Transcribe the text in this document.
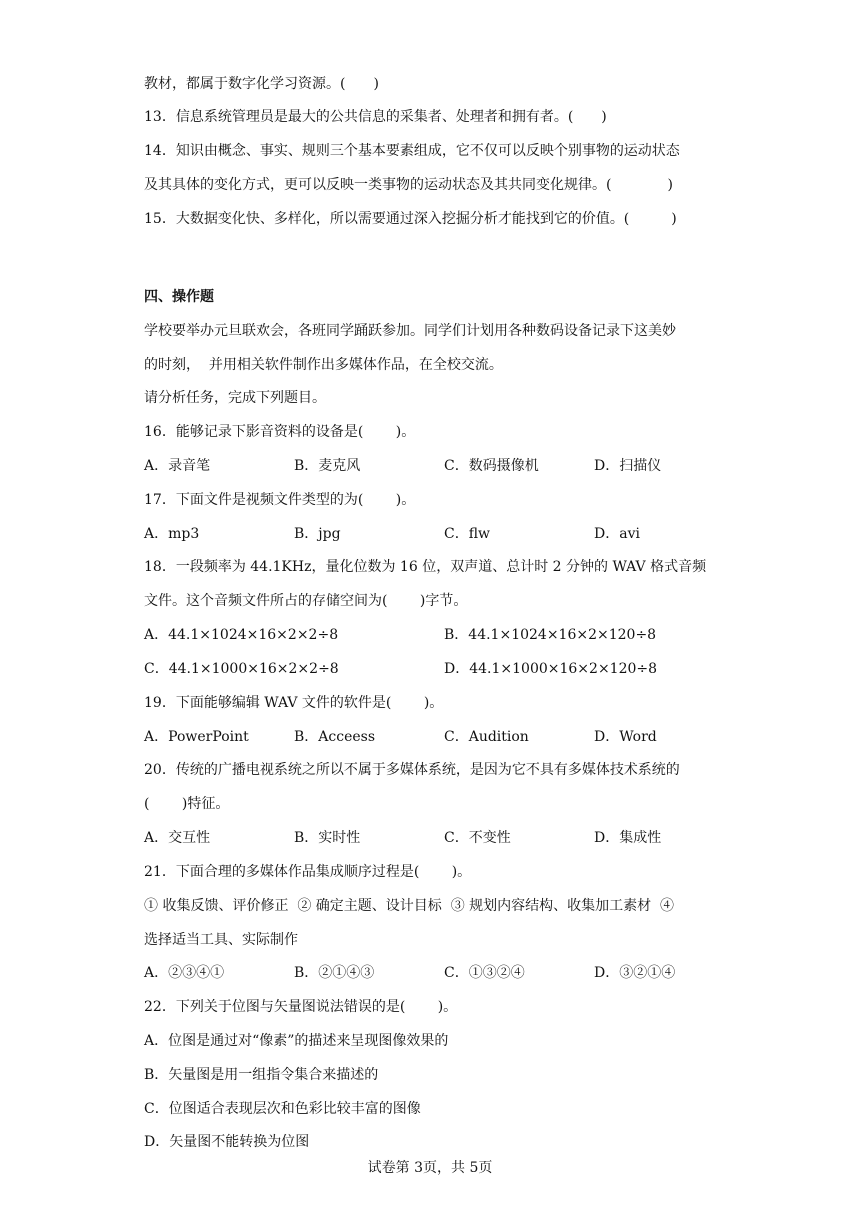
教材，都属于数字化学习资源。(　　)
13．信息系统管理员是最大的公共信息的采集者、处理者和拥有者。(　　)
14．知识由概念、事实、规则三个基本要素组成，它不仅可以反映个别事物的运动状态
及其具体的变化方式，更可以反映一类事物的运动状态及其共同变化规律。(　　　　)
15．大数据变化快、多样化，所以需要通过深入挖掘分析才能找到它的价值。(　　　)
四、操作题
学校要举办元旦联欢会，各班同学踊跃参加。同学们计划用各种数码设备记录下这美妙
的时刻，  并用相关软件制作出多媒体作品，在全校交流。
请分析任务，完成下列题目。
16．能够记录下影音资料的设备是(　　 )。
A．录音笔	B．麦克风	C．数码摄像机	D．扫描仪
17．下面文件是视频文件类型的为(　　 )。
A．mp3	B．jpg	C．flw	D．avi
18．一段频率为 44.1KHz，量化位数为 16 位，双声道、总计时 2 分钟的 WAV 格式音频
文件。这个音频文件所占的存储空间为(　　 )字节。
A．44.1×1024×16×2×2÷8	B．44.1×1024×16×2×120÷8
C．44.1×1000×16×2×2÷8	D．44.1×1000×16×2×120÷8
19．下面能够编辑 WAV 文件的软件是(　　 )。
A．PowerPoint	B．Acceess	C．Audition	D．Word
20．传统的广播电视系统之所以不属于多媒体系统，是因为它不具有多媒体技术系统的
(　　 )特征。
A．交互性	B．实时性	C．不变性	D．集成性
21．下面合理的多媒体作品集成顺序过程是(　　 )。
① 收集反馈、评价修正  ② 确定主题、设计目标  ③ 规划内容结构、收集加工素材  ④
选择适当工具、实际制作
A．②③④①	B．②①④③	C．①③②④	D．③②①④
22．下列关于位图与矢量图说法错误的是(　　 )。
A．位图是通过对“像素”的描述来呈现图像效果的
B．矢量图是用一组指令集合来描述的
C．位图适合表现层次和色彩比较丰富的图像
D．矢量图不能转换为位图
试卷第 3页，共 5页
